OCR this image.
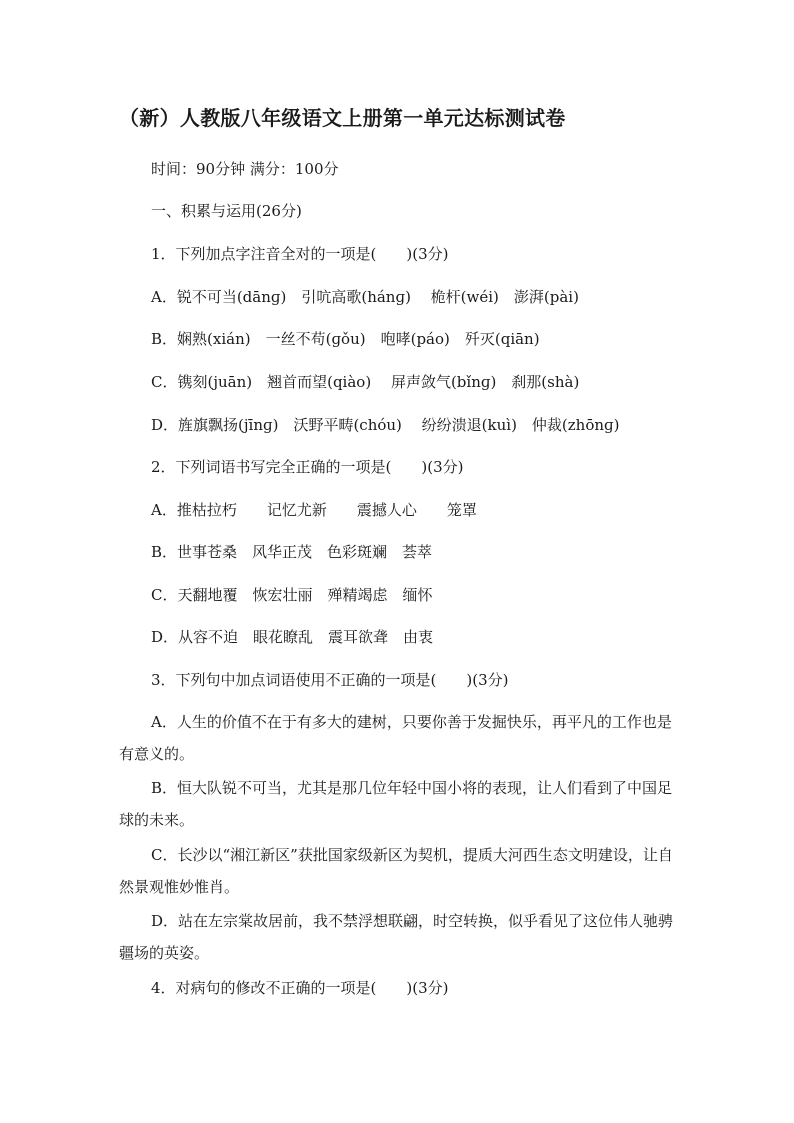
（新）人教版八年级语文上册第一单元达标测试卷
时间：90分钟 满分：100分
一、积累与运用(26分)
1．下列加点字注音全对的一项是(　　)(3分)
A．锐不可当(dānɡ)　引吭高歌(hánɡ)　 桅杆(wéi)　澎湃(pài)
B．娴熟(xián)　一丝不苟(ɡǒu)　咆哮(páo)　歼灭(qiān)
C．镌刻(juān)　翘首而望(qiào)　 屏声敛气(bǐnɡ)　刹那(shà)
D．旌旗飘扬(jīnɡ)　沃野平畴(chóu)　 纷纷溃退(kuì)　仲裁(zhōnɡ)
2．下列词语书写完全正确的一项是(　　)(3分)
A．推枯拉朽　　记忆尤新　　震撼人心　　笼罩
B．世事苍桑　风华正茂　色彩斑斓　荟萃
C．天翻地覆　恢宏壮丽　殚精竭虑　缅怀
D．从容不迫　眼花瞭乱　震耳欲聋　由衷
3．下列句中加点词语使用不正确的一项是(　　)(3分)
A．人生的价值不在于有多大的建树，只要你善于发掘快乐，再平凡的工作也是有意义的。
B．恒大队锐不可当，尤其是那几位年轻中国小将的表现，让人们看到了中国足球的未来。
C．长沙以“湘江新区”获批国家级新区为契机，提质大河西生态文明建设，让自然景观惟妙惟肖。
D．站在左宗棠故居前，我不禁浮想联翩，时空转换，似乎看见了这位伟人驰骋疆场的英姿。
4．对病句的修改不正确的一项是(　　)(3分)
